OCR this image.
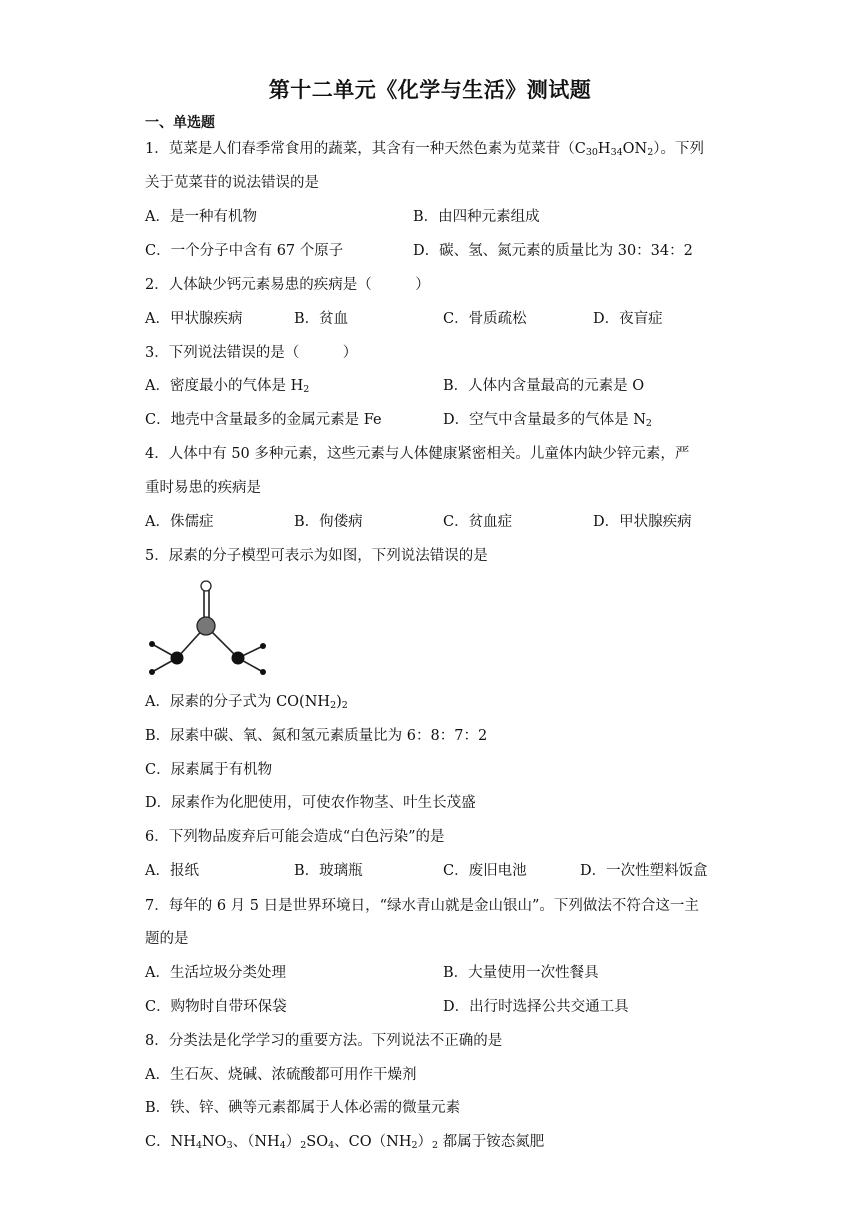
第十二单元《化学与生活》测试题
一、单选题
1．苋菜是人们春季常食用的蔬菜，其含有一种天然色素为苋菜苷$(C_{30}H_{34}ON_2)$。下列
关于苋菜苷的说法错误的是
A．是一种有机物	B．由四种元素组成
C．一个分子中含有 67 个原子	D．碳、氢、氮元素的质量比为 30：34：2
2．人体缺少钙元素易患的疾病是（　　　）
A．甲状腺疾病	B．贫血	C．骨质疏松	D．夜盲症
3．下列说法错误的是（　　　）
A．密度最小的气体是 $H_2$	B．人体内含量最高的元素是 O
C．地壳中含量最多的金属元素是 Fe	D．空气中含量最多的气体是 $N_2$
4．人体中有 50 多种元素，这些元素与人体健康紧密相关。儿童体内缺少锌元素，严
重时易患的疾病是
A．侏儒症	B．佝偻病	C．贫血症	D．甲状腺疾病
5．尿素的分子模型可表示为如图，下列说法错误的是
A．尿素的分子式为 $CO(NH_2)_2$
B．尿素中碳、氧、氮和氢元素质量比为 6：8：7：2
C．尿素属于有机物
D．尿素作为化肥使用，可使农作物茎、叶生长茂盛
6．下列物品废弃后可能会造成“白色污染”的是
A．报纸	B．玻璃瓶	C．废旧电池	D．一次性塑料饭盒
7．每年的 6 月 5 日是世界环境日，“绿水青山就是金山银山”。下列做法不符合这一主
题的是
A．生活垃圾分类处理	B．大量使用一次性餐具
C．购物时自带环保袋	D．出行时选择公共交通工具
8．分类法是化学学习的重要方法。下列说法不正确的是
A．生石灰、烧碱、浓硫酸都可用作干燥剂
B．铁、锌、碘等元素都属于人体必需的微量元素
C．$NH_4NO_3$、$(NH_4)_2SO_4$、$CO(NH_2)_2$ 都属于铵态氮肥
